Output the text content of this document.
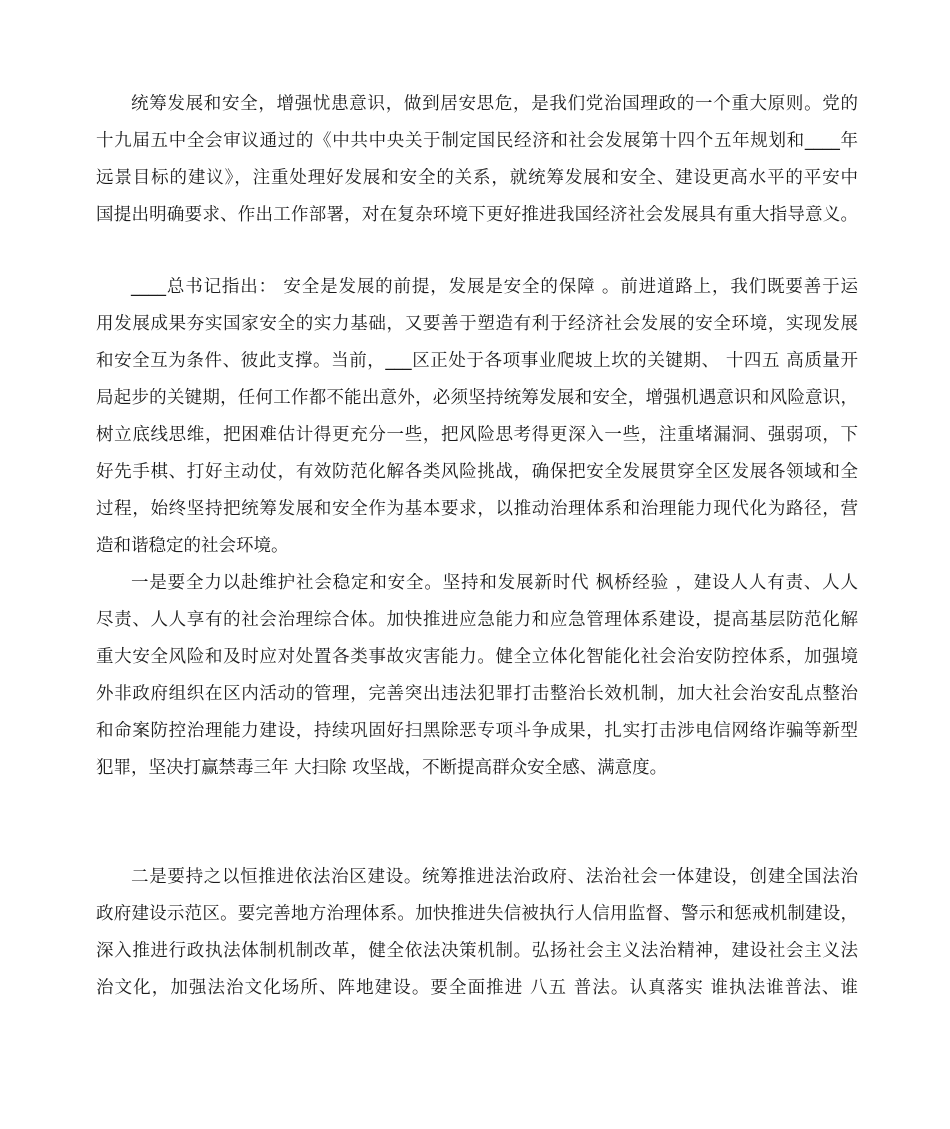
统筹发展和安全，增强忧患意识，做到居安思危，是我们党治国理政的一个重大原则。党的
十九届五中全会审议通过的《中共中央关于制定国民经济和社会发展第十四个五年规划和____年
远景目标的建议》，注重处理好发展和安全的关系，就统筹发展和安全、建设更高水平的平安中
国提出明确要求、作出工作部署，对在复杂环境下更好推进我国经济社会发展具有重大指导意义。
____总书记指出： 安全是发展的前提，发展是安全的保障 。前进道路上，我们既要善于运
用发展成果夯实国家安全的实力基础，又要善于塑造有利于经济社会发展的安全环境，实现发展
和安全互为条件、彼此支撑。当前，___区正处于各项事业爬坡上坎的关键期、 十四五 高质量开
局起步的关键期，任何工作都不能出意外，必须坚持统筹发展和安全，增强机遇意识和风险意识，
树立底线思维，把困难估计得更充分一些，把风险思考得更深入一些，注重堵漏洞、强弱项，下
好先手棋、打好主动仗，有效防范化解各类风险挑战，确保把安全发展贯穿全区发展各领域和全
过程，始终坚持把统筹发展和安全作为基本要求，以推动治理体系和治理能力现代化为路径，营
造和谐稳定的社会环境。
一是要全力以赴维护社会稳定和安全。坚持和发展新时代 枫桥经验 ，建设人人有责、人人
尽责、人人享有的社会治理综合体。加快推进应急能力和应急管理体系建设，提高基层防范化解
重大安全风险和及时应对处置各类事故灾害能力。健全立体化智能化社会治安防控体系，加强境
外非政府组织在区内活动的管理，完善突出违法犯罪打击整治长效机制，加大社会治安乱点整治
和命案防控治理能力建设，持续巩固好扫黑除恶专项斗争成果，扎实打击涉电信网络诈骗等新型
犯罪，坚决打赢禁毒三年 大扫除 攻坚战，不断提高群众安全感、满意度。
二是要持之以恒推进依法治区建设。统筹推进法治政府、法治社会一体建设，创建全国法治
政府建设示范区。要完善地方治理体系。加快推进失信被执行人信用监督、警示和惩戒机制建设，
深入推进行政执法体制机制改革，健全依法决策机制。弘扬社会主义法治精神，建设社会主义法
治文化，加强法治文化场所、阵地建设。要全面推进 八五 普法。认真落实 谁执法谁普法、谁
